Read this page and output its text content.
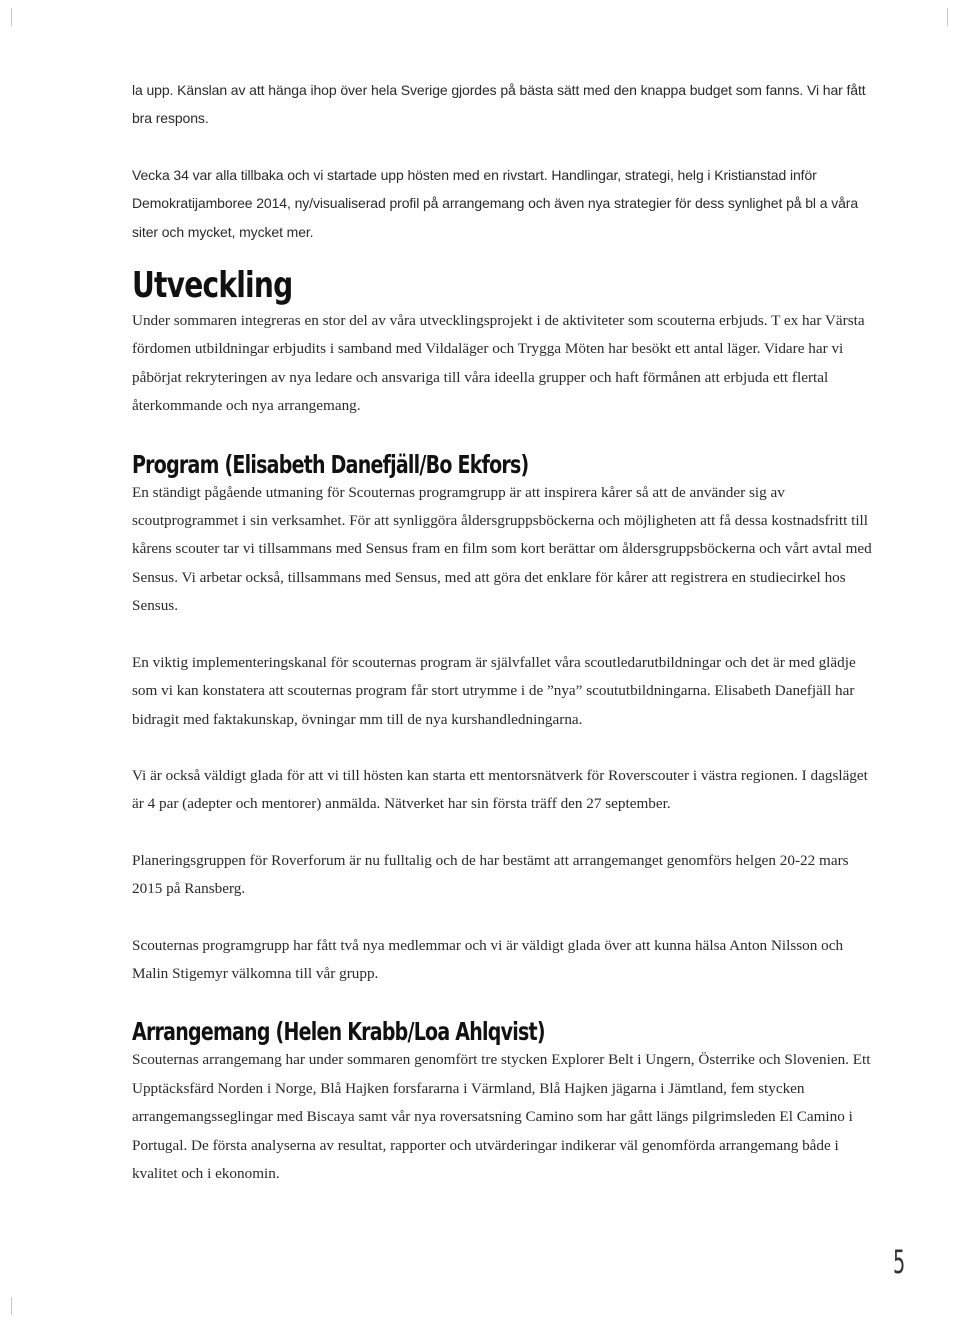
la upp. Känslan av att hänga ihop över hela Sverige gjordes på bästa sätt med den knappa budget som fanns. Vi har fått bra respons.

Vecka 34 var alla tillbaka och vi startade upp hösten med en rivstart. Handlingar, strategi, helg i Kristianstad inför Demokratijamboree 2014, ny/visualiserad profil på arrangemang och även nya strategier för dess synlighet på bl a våra siter och mycket, mycket mer.

Utveckling

Under sommaren integreras en stor del av våra utvecklingsprojekt i de aktiviteter som scouterna erbjuds. T ex har Värsta fördomen utbildningar erbjudits i samband med Vildaläger och Trygga Möten har besökt ett antal läger. Vidare har vi påbörjat rekryteringen av nya ledare och ansvariga till våra ideella grupper och haft förmånen att erbjuda ett flertal återkommande och nya arrangemang.

Program (Elisabeth Danefjäll/Bo Ekfors)

En ständigt pågående utmaning för Scouternas programgrupp är att inspirera kårer så att de använder sig av scoutprogrammet i sin verksamhet. För att synliggöra åldersgruppsböckerna och möjligheten att få dessa kostnadsfritt till kårens scouter tar vi tillsammans med Sensus fram en film som kort berättar om åldersgruppsböckerna och vårt avtal med Sensus. Vi arbetar också, tillsammans med Sensus, med att göra det enklare för kårer att registrera en studiecirkel hos Sensus.

En viktig implementeringskanal för scouternas program är självfallet våra scoutledarutbildningar och det är med glädje som vi kan konstatera att scouternas program får stort utrymme i de ”nya” scoututbildningarna. Elisabeth Danefjäll har bidragit med faktakunskap, övningar mm till de nya kurshandledningarna.

Vi är också väldigt glada för att vi till hösten kan starta ett mentorsnätverk för Roverscouter i västra regionen. I dagsläget är 4 par (adepter och mentorer) anmälda. Nätverket har sin första träff den 27 september.

Planeringsgruppen för Roverforum är nu fulltalig och de har bestämt att arrangemanget genomförs helgen 20-22 mars 2015 på Ransberg.

Scouternas programgrupp har fått två nya medlemmar och vi är väldigt glada över att kunna hälsa Anton Nilsson och Malin Stigemyr välkomna till vår grupp.

Arrangemang (Helen Krabb/Loa Ahlqvist)

Scouternas arrangemang har under sommaren genomfört tre stycken Explorer Belt i Ungern, Österrike och Slovenien. Ett Upptäcksfärd Norden i Norge, Blå Hajken forsfararna i Värmland, Blå Hajken jägarna i Jämtland, fem stycken arrangemangsseglingar med Biscaya samt vår nya roversatsning Camino som har gått längs pilgrimsleden El Camino i Portugal. De första analyserna av resultat, rapporter och utvärderingar indikerar väl genomförda arrangemang både i kvalitet och i ekonomin.

5
